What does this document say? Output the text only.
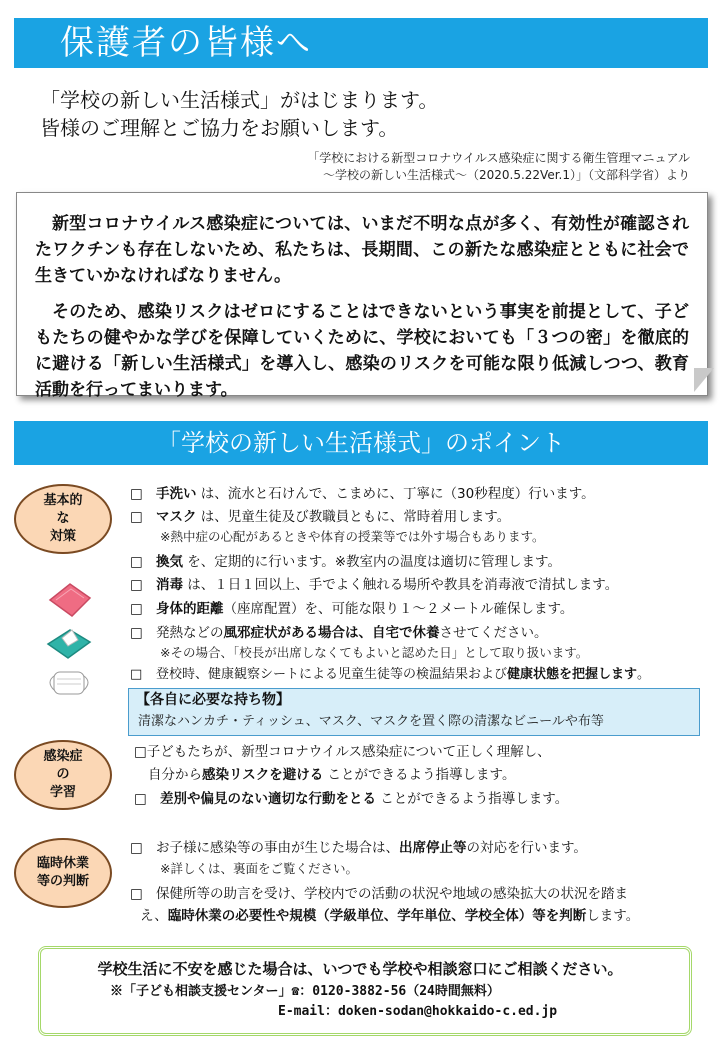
保護者の皆様へ
「学校の新しい生活様式」がはじまります。
皆様のご理解とご協力をお願いします。
「学校における新型コロナウイルス感染症に関する衛生管理マニュアル
～学校の新しい生活様式～（2020.5.22Ver.1）」（文部科学省）より

新型コロナウイルス感染症については、いまだ不明な点が多く、有効性が確認されたワクチンも存在しないため、私たちは、長期間、この新たな感染症とともに社会で生きていかなければなりません。

そのため、感染リスクはゼロにすることはできないという事実を前提として、子どもたちの健やかな学びを保障していくために、学校においても「３つの密」を徹底的に避ける「新しい生活様式」を導入し、感染のリスクを可能な限り低減しつつ、教育活動を行ってまいります。

「学校の新しい生活様式」のポイント
基本的
な
対策
感染症
の
学習
臨時休業
等の判断
□ 手洗い は、流水と石けんで、こまめに、丁寧に（30秒程度）行います。
□ マスク は、児童生徒及び教職員ともに、常時着用します。
※熱中症の心配があるときや体育の授業等では外す場合もあります。
□ 換気 を、定期的に行います。※教室内の温度は適切に管理します。
□ 消毒 は、１日１回以上、手でよく触れる場所や教具を消毒液で清拭します。
□ 身体的距離（座席配置）を、可能な限り１～２メートル確保します。
□ 発熱などの風邪症状がある場合は、自宅で休養させてください。
※その場合、「校長が出席しなくてもよいと認めた日」として取り扱います。
□ 登校時、健康観察シートによる児童生徒等の検温結果および健康状態を把握します。
【各自に必要な持ち物】
清潔なハンカチ・ティッシュ、マスク、マスクを置く際の清潔なビニールや布等
□子どもたちが、新型コロナウイルス感染症について正しく理解し、
自分から感染リスクを避ける ことができるよう指導します。
□ 差別や偏見のない適切な行動をとる ことができるよう指導します。
□ お子様に感染等の事由が生じた場合は、出席停止等の対応を行います。
※詳しくは、裏面をご覧ください。
□ 保健所等の助言を受け、学校内での活動の状況や地域の感染拡大の状況を踏ま
え、臨時休業の必要性や規模（学級単位、学年単位、学校全体）等を判断します。
学校生活に不安を感じた場合は、いつでも学校や相談窓口にご相談ください。
※「子ども相談支援センター」☎：0120-3882-56（24時間無料）
E-mail：doken-sodan@hokkaido-c.ed.jp
